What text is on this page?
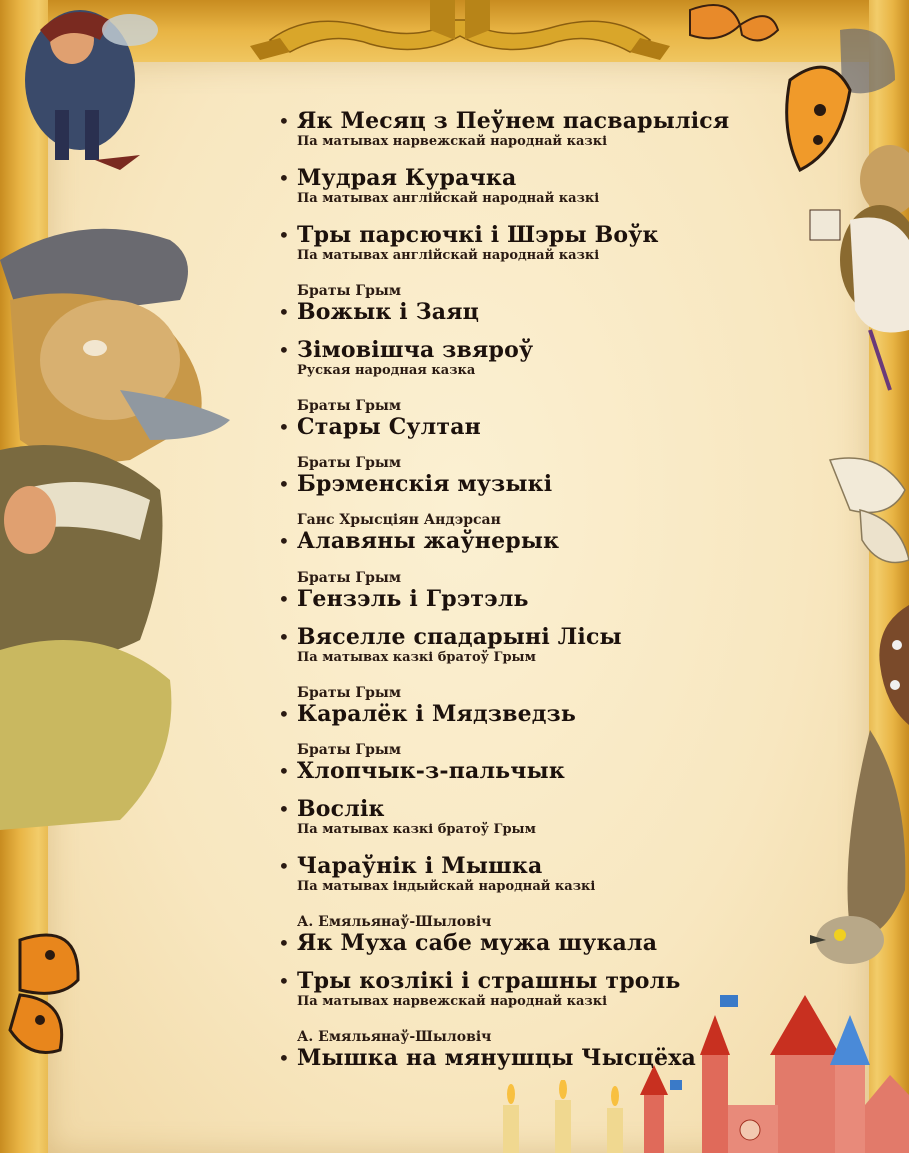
• Як Месяц з Пеўнем пасварыліся
Па матывах нарвежскай народнай казкі
• Мудрая Курачка
Па матывах англійскай народнай казкі
• Тры парсючкі і Шэры Воўк
Па матывах англійскай народнай казкі
Браты Грым
• Вожык і Заяц
• Зімовішча звяроў
Руская народная казка
Браты Грым
• Стары Султан
Браты Грым
• Брэменскія музыкі
Ганс Хрысціян Андэрсан
• Алавяны жаўнерык
Браты Грым
• Гензэль і Грэтэль
• Вяселле спадарыні Лісы
Па матывах казкі братоў Грым
Браты Грым
• Каралёк і Мядзведзь
Браты Грым
• Хлопчык-з-пальчык
• Вослік
Па матывах казкі братоў Грым
• Чараўнік і Мышка
Па матывах індыйскай народнай казкі
А. Емяльянаў-Шыловіч
• Як Муха сабе мужа шукала
• Тры козлікі і страшны троль
Па матывах нарвежскай народнай казкі
А. Емяльянаў-Шыловіч
• Мышка на мянушцы Чысцёха
